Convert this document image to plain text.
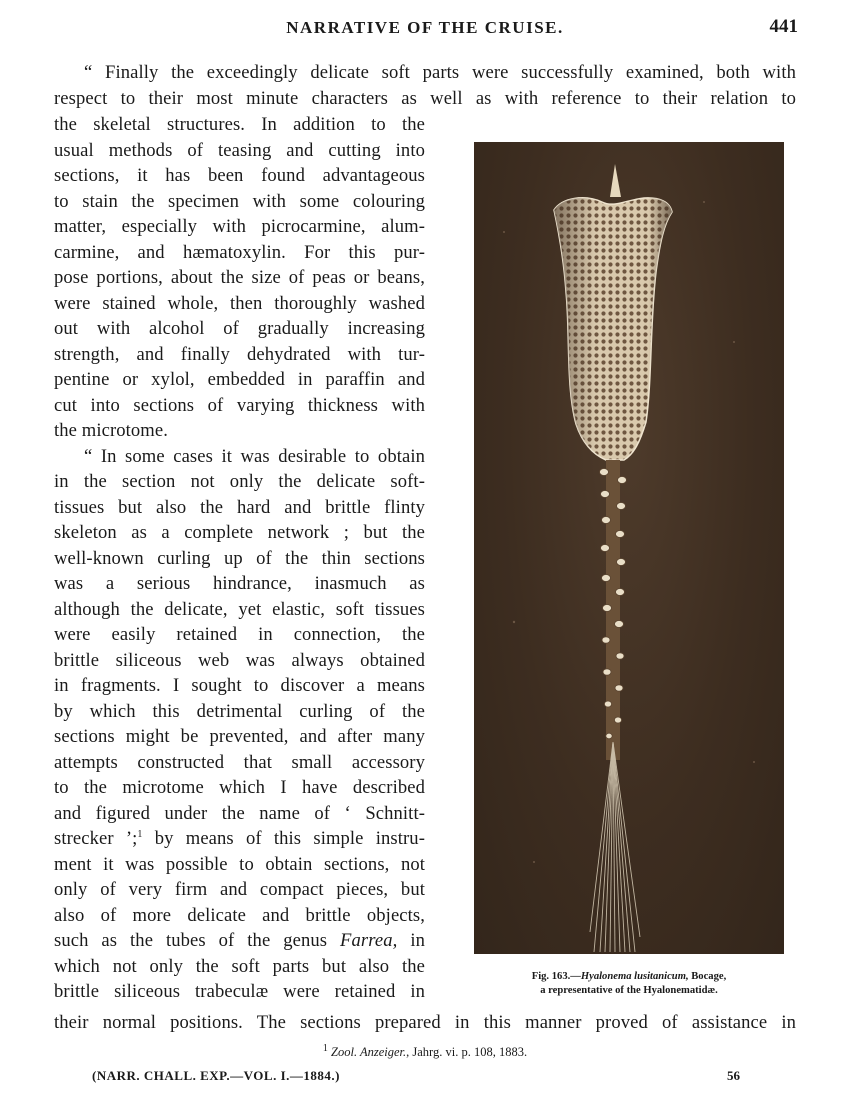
NARRATIVE OF THE CRUISE.	441
“ Finally the exceedingly delicate soft parts were successfully examined, both with
respect to their most minute characters as well as with reference to their relation to
the skeletal structures. In addition to the
usual methods of teasing and cutting into
sections, it has been found advantageous
to stain the specimen with some colouring
matter, especially with picrocarmine, alum-
carmine, and hæmatoxylin. For this pur-
pose portions, about the size of peas or beans,
were stained whole, then thoroughly washed
out with alcohol of gradually increasing
strength, and finally dehydrated with tur-
pentine or xylol, embedded in paraffin and
cut into sections of varying thickness with
the microtome.
“ In some cases it was desirable to obtain
in the section not only the delicate soft-
tissues but also the hard and brittle flinty
skeleton as a complete network ; but the
well-known curling up of the thin sections
was a serious hindrance, inasmuch as
although the delicate, yet elastic, soft tissues
were easily retained in connection, the
brittle siliceous web was always obtained
in fragments. I sought to discover a means
by which this detrimental curling of the
sections might be prevented, and after many
attempts constructed that small accessory
to the microtome which I have described
and figured under the name of ‘ Schnitt-
strecker ’;$^1$ by means of this simple instru-
ment it was possible to obtain sections, not
only of very firm and compact pieces, but
also of more delicate and brittle objects,
such as the tubes of the genus Farrea, in
which not only the soft parts but also the
brittle siliceous trabeculæ were retained in
Fig. 163.—Hyalonema lusitanicum, Bocage,
a representative of the Hyalonematidæ.
their normal positions. The sections prepared in this manner proved of assistance in
$^1$ Zool. Anzeiger., Jahrg. vi. p. 108, 1883.
(NARR. CHALL. EXP.—VOL. I.—1884.)	56
